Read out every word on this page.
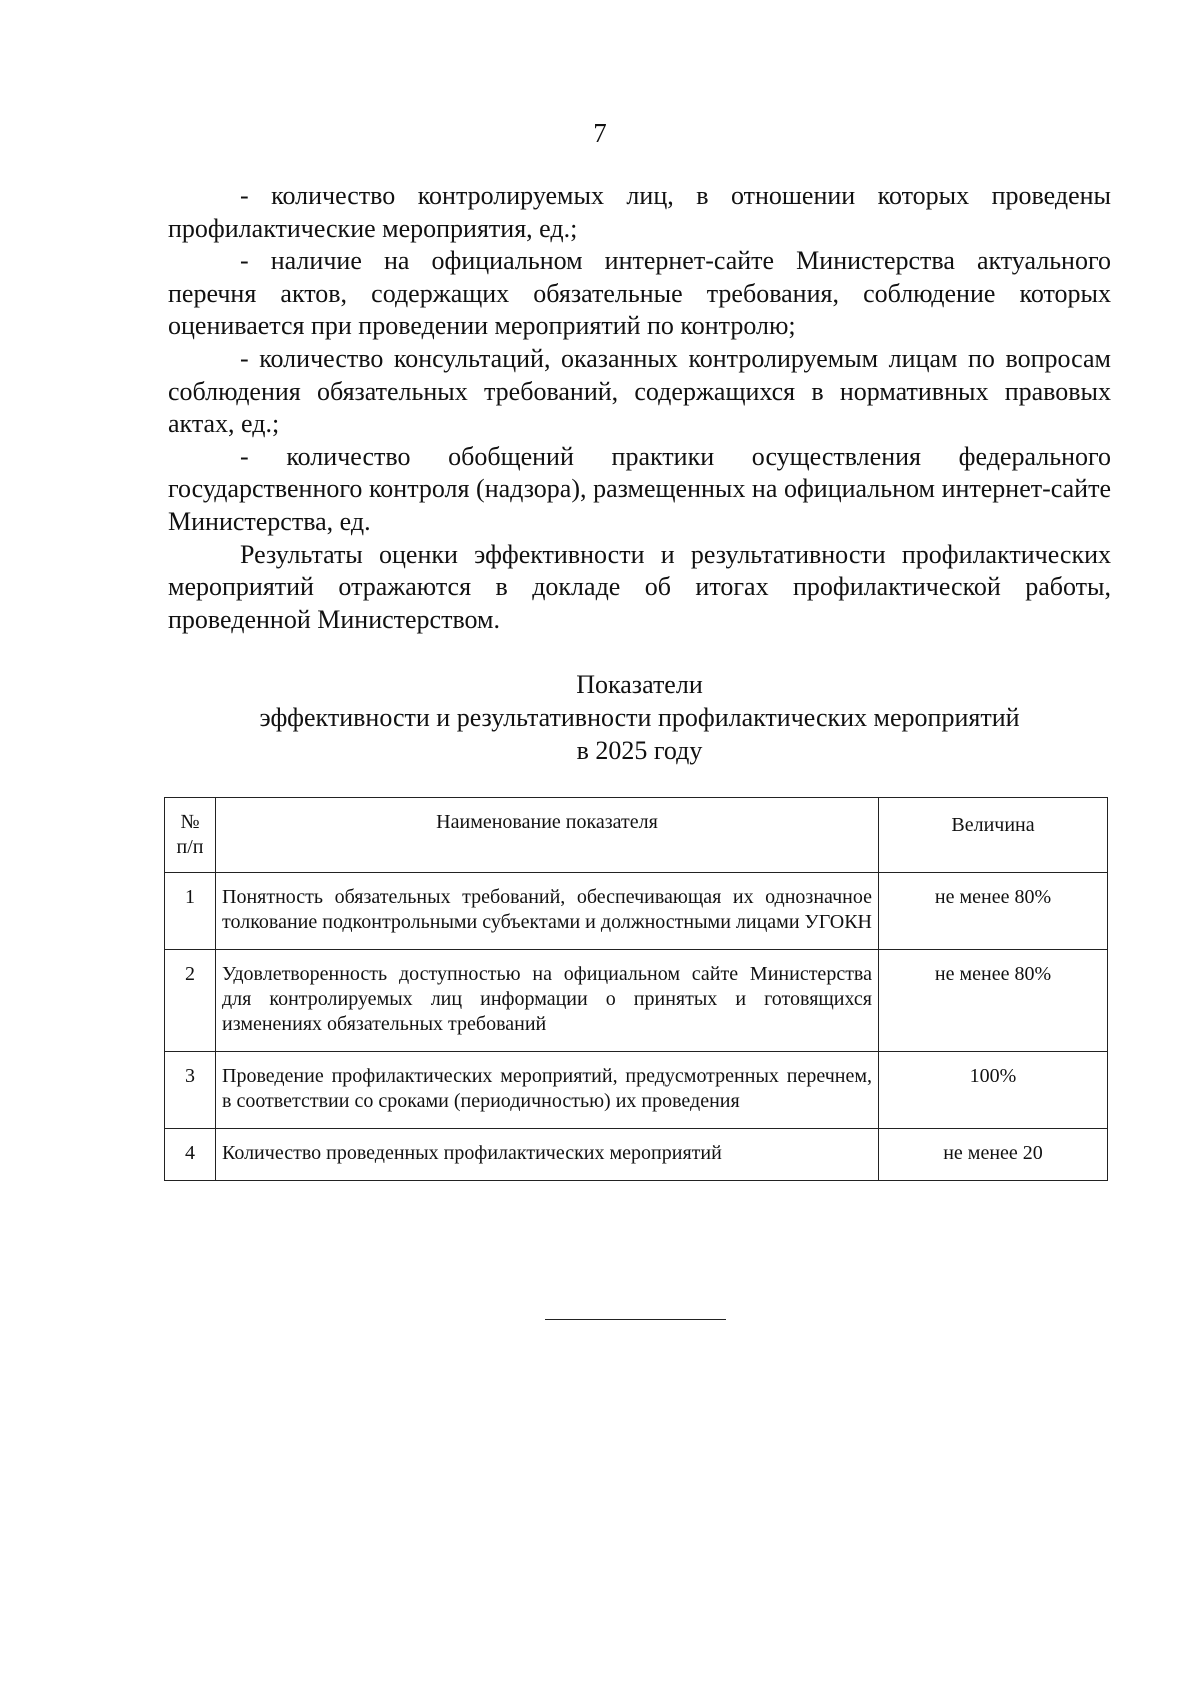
7

- количество контролируемых лиц, в отношении которых проведены профилактические мероприятия, ед.;

- наличие на официальном интернет-сайте Министерства актуального перечня актов, содержащих обязательные требования, соблюдение которых оценивается при проведении мероприятий по контролю;

- количество консультаций, оказанных контролируемым лицам по вопросам соблюдения обязательных требований, содержащихся в нормативных правовых актах, ед.;

- количество обобщений практики осуществления федерального государственного контроля (надзора), размещенных на официальном интернет-сайте Министерства, ед.

Результаты оценки эффективности и результативности профилактических мероприятий отражаются в докладе об итогах профилактической работы, проведенной Министерством.

Показатели
эффективности и результативности профилактических мероприятий
в 2025 году
№
п/п	Наименование показателя	Величина
1	Понятность обязательных требований, обеспечивающая их однозначное толкование подконтрольными субъектами и должностными лицами УГОКН	не менее 80%
2	Удовлетворенность доступностью на официальном сайте Министерства для контролируемых лиц информации о принятых и готовящихся изменениях обязательных требований	не менее 80%
3	Проведение профилактических мероприятий, предусмотренных перечнем, в соответствии со сроками (периодичностью) их проведения	100%
4	Количество проведенных профилактических мероприятий	не менее 20
